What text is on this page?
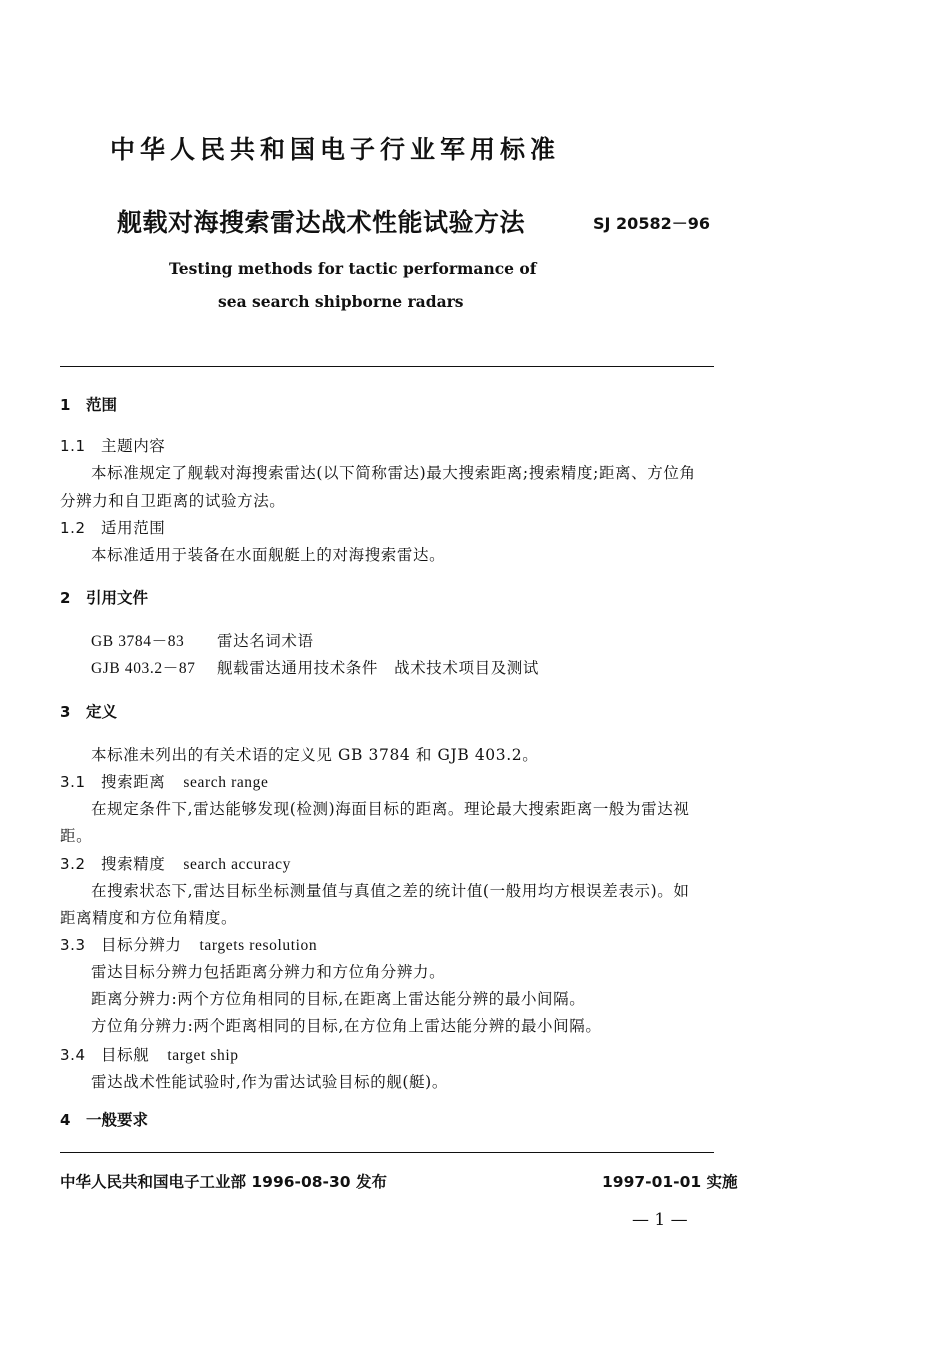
中华人民共和国电子行业军用标准
舰载对海搜索雷达战术性能试验方法	SJ 20582－96
Testing methods for tactic performance of
sea search shipborne radars
1 范围
1.1 主题内容
本标准规定了舰载对海搜索雷达(以下简称雷达)最大搜索距离;搜索精度;距离、方位角
分辨力和自卫距离的试验方法。
1.2 适用范围
本标准适用于装备在水面舰艇上的对海搜索雷达。
2 引用文件
GB 3784－83 雷达名词术语
GJB 403.2－87 舰载雷达通用技术条件　战术技术项目及测试
3 定义
本标准未列出的有关术语的定义见 GB 3784 和 GJB 403.2。
3.1 搜索距离 search range
在规定条件下,雷达能够发现(检测)海面目标的距离。理论最大搜索距离一般为雷达视
距。
3.2 搜索精度 search accuracy
在搜索状态下,雷达目标坐标测量值与真值之差的统计值(一般用均方根误差表示)。如
距离精度和方位角精度。
3.3 目标分辨力 targets resolution
雷达目标分辨力包括距离分辨力和方位角分辨力。
距离分辨力:两个方位角相同的目标,在距离上雷达能分辨的最小间隔。
方位角分辨力:两个距离相同的目标,在方位角上雷达能分辨的最小间隔。
3.4 目标舰 target ship
雷达战术性能试验时,作为雷达试验目标的舰(艇)。
4 一般要求
中华人民共和国电子工业部 1996-08-30 发布	1997-01-01 实施
— 1 —
